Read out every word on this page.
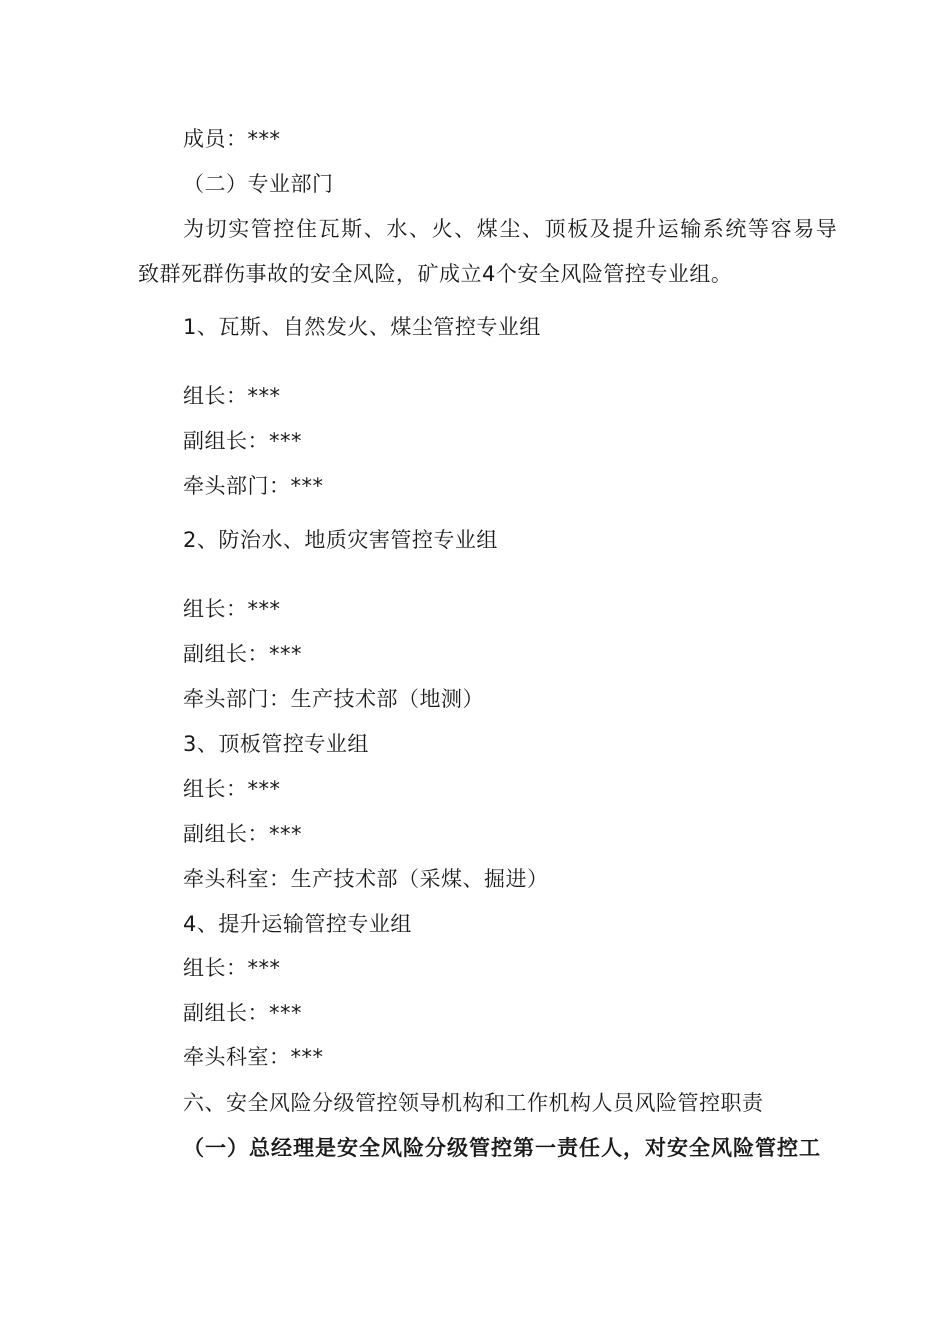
成员：***

（二）专业部门

为切实管控住瓦斯、水、火、煤尘、顶板及提升运输系统等容易导

致群死群伤事故的安全风险，矿成立4个安全风险管控专业组。

1、瓦斯、自然发火、煤尘管控专业组

组长：***

副组长：***

牵头部门：***

2、防治水、地质灾害管控专业组

组长：***

副组长：***

牵头部门：生产技术部（地测）

3、顶板管控专业组

组长：***

副组长：***

牵头科室：生产技术部（采煤、掘进）

4、提升运输管控专业组

组长：***

副组长：***

牵头科室：***

六、安全风险分级管控领导机构和工作机构人员风险管控职责

（一）总经理是安全风险分级管控第一责任人，对安全风险管控工
